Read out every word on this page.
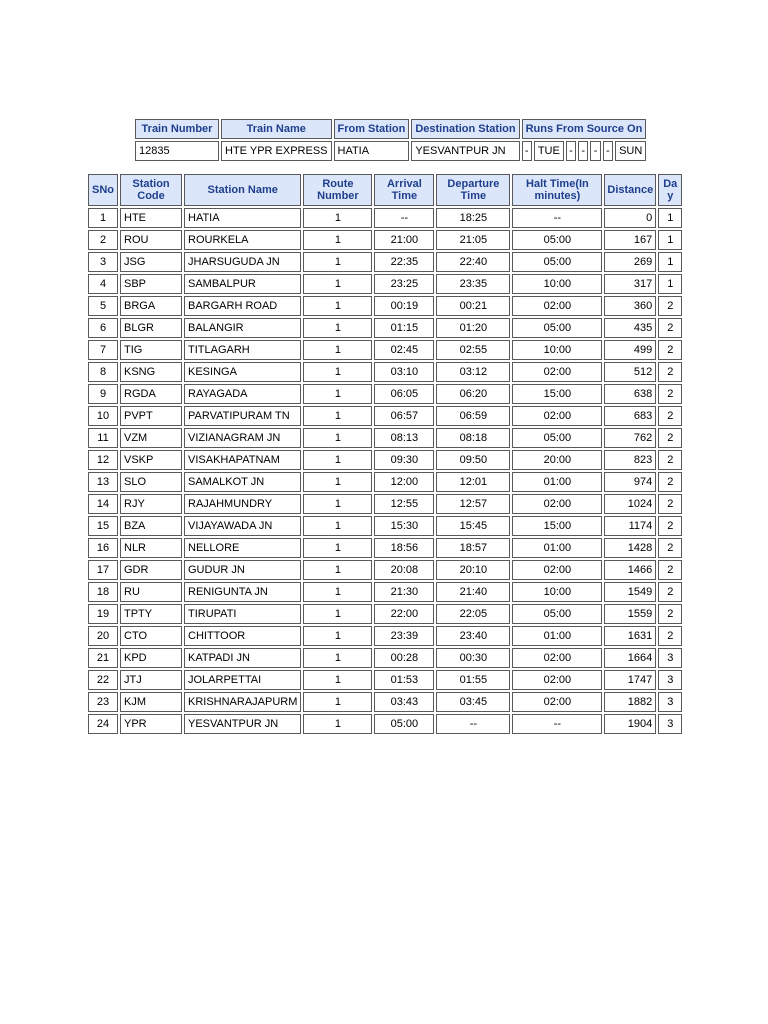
Train Number	Train Name	From Station	Destination Station	Runs From Source On						
12835	HTE YPR EXPRESS	HATIA	YESVANTPUR JN	-	TUE	-	-	-	-	SUN
SNo	Station Code	Station Name	Route Number	Arrival Time	Departure Time	Halt Time(In minutes)	Distance	Da y
1	HTE	HATIA	1	--	18:25	--	0	1
2	ROU	ROURKELA	1	21:00	21:05	05:00	167	1
3	JSG	JHARSUGUDA JN	1	22:35	22:40	05:00	269	1
4	SBP	SAMBALPUR	1	23:25	23:35	10:00	317	1
5	BRGA	BARGARH ROAD	1	00:19	00:21	02:00	360	2
6	BLGR	BALANGIR	1	01:15	01:20	05:00	435	2
7	TIG	TITLAGARH	1	02:45	02:55	10:00	499	2
8	KSNG	KESINGA	1	03:10	03:12	02:00	512	2
9	RGDA	RAYAGADA	1	06:05	06:20	15:00	638	2
10	PVPT	PARVATIPURAM TN	1	06:57	06:59	02:00	683	2
11	VZM	VIZIANAGRAM JN	1	08:13	08:18	05:00	762	2
12	VSKP	VISAKHAPATNAM	1	09:30	09:50	20:00	823	2
13	SLO	SAMALKOT JN	1	12:00	12:01	01:00	974	2
14	RJY	RAJAHMUNDRY	1	12:55	12:57	02:00	1024	2
15	BZA	VIJAYAWADA JN	1	15:30	15:45	15:00	1174	2
16	NLR	NELLORE	1	18:56	18:57	01:00	1428	2
17	GDR	GUDUR JN	1	20:08	20:10	02:00	1466	2
18	RU	RENIGUNTA JN	1	21:30	21:40	10:00	1549	2
19	TPTY	TIRUPATI	1	22:00	22:05	05:00	1559	2
20	CTO	CHITTOOR	1	23:39	23:40	01:00	1631	2
21	KPD	KATPADI JN	1	00:28	00:30	02:00	1664	3
22	JTJ	JOLARPETTAI	1	01:53	01:55	02:00	1747	3
23	KJM	KRISHNARAJAPURM	1	03:43	03:45	02:00	1882	3
24	YPR	YESVANTPUR JN	1	05:00	--	--	1904	3
